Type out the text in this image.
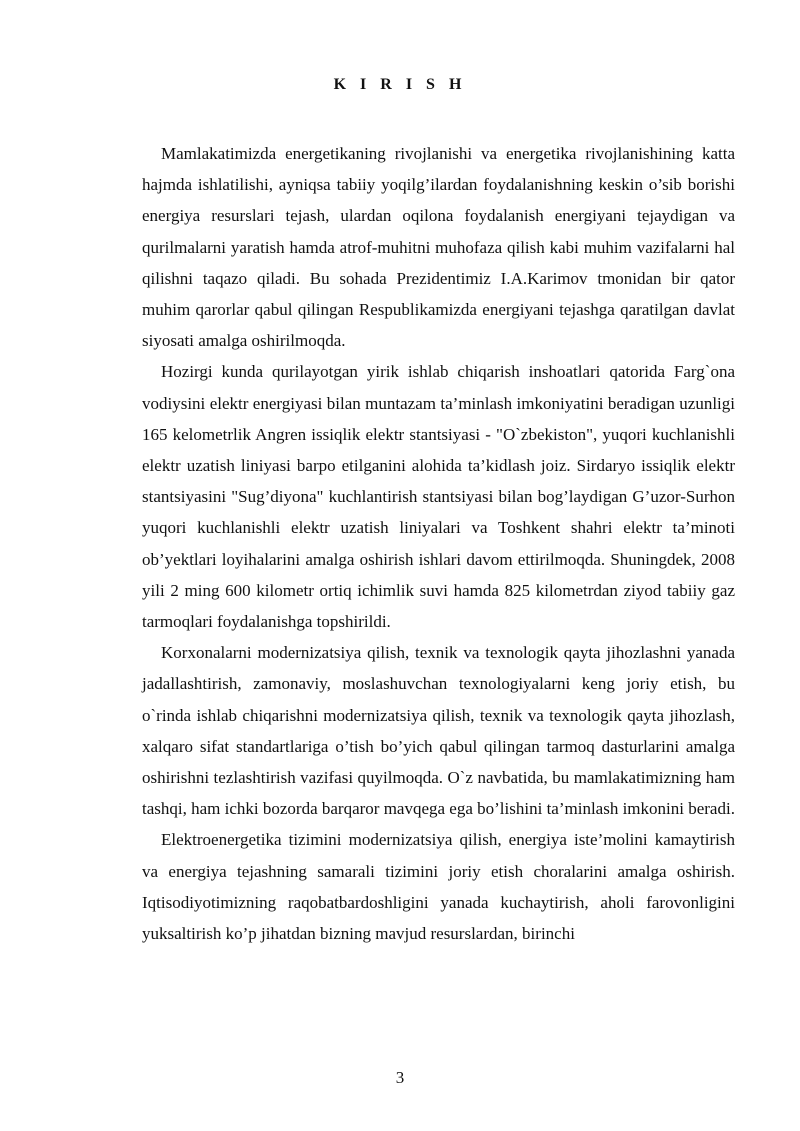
K I R I S H

Mamlakatimizda energetikaning rivojlanishi va energetika rivojlanishining katta hajmda ishlatilishi, ayniqsa tabiiy yoqilg’ilardan foydalanishning keskin o’sib borishi energiya resurslari tejash, ulardan oqilona foydalanish energiyani tejaydigan va qurilmalarni yaratish hamda atrof-muhitni muhofaza qilish kabi muhim vazifalarni hal qilishni taqazo qiladi. Bu sohada Prezidentimiz I.A.Karimov tmonidan bir qator muhim qarorlar qabul qilingan Respublikamizda energiyani tejashga qaratilgan davlat siyosati amalga oshirilmoqda.

Hozirgi kunda qurilayotgan yirik ishlab chiqarish inshoatlari qatorida Farg`ona vodiysini elektr energiyasi bilan muntazam ta’minlash imkoniyatini beradigan uzunligi 165 kelometrlik Angren issiqlik elektr stantsiyasi - "O`zbekiston", yuqori kuchlanishli elektr uzatish liniyasi barpo etilganini alohida ta’kidlash joiz. Sirdaryo issiqlik elektr stantsiyasini "Sug’diyona" kuchlantirish stantsiyasi bilan bog’laydigan G’uzor-Surhon yuqori kuchlanishli elektr uzatish liniyalari va Toshkent shahri elektr ta’minoti ob’yektlari loyihalarini amalga oshirish ishlari davom ettirilmoqda. Shuningdek, 2008 yili 2 ming 600 kilometr ortiq ichimlik suvi hamda 825 kilometrdan ziyod tabiiy gaz tarmoqlari foydalanishga topshirildi.

Korxonalarni modernizatsiya qilish, texnik va texnologik qayta jihozlashni yanada jadallashtirish, zamonaviy, moslashuvchan texnologiyalarni keng joriy etish, bu o`rinda ishlab chiqarishni modernizatsiya qilish, texnik va texnologik qayta jihozlash, xalqaro sifat standartlariga o’tish bo’yich qabul qilingan tarmoq dasturlarini amalga oshirishni tezlashtirish vazifasi quyilmoqda. O`z navbatida, bu mamlakatimizning ham tashqi, ham ichki bozorda barqaror mavqega ega bo’lishini ta’minlash imkonini beradi.

Elektroenergetika tizimini modernizatsiya qilish, energiya iste’molini kamaytirish va energiya tejashning samarali tizimini joriy etish choralarini amalga oshirish. Iqtisodiyotimizning raqobatbardoshligini yanada kuchaytirish, aholi farovonligini yuksaltirish ko’p jihatdan bizning mavjud resurslardan, birinchi

3
